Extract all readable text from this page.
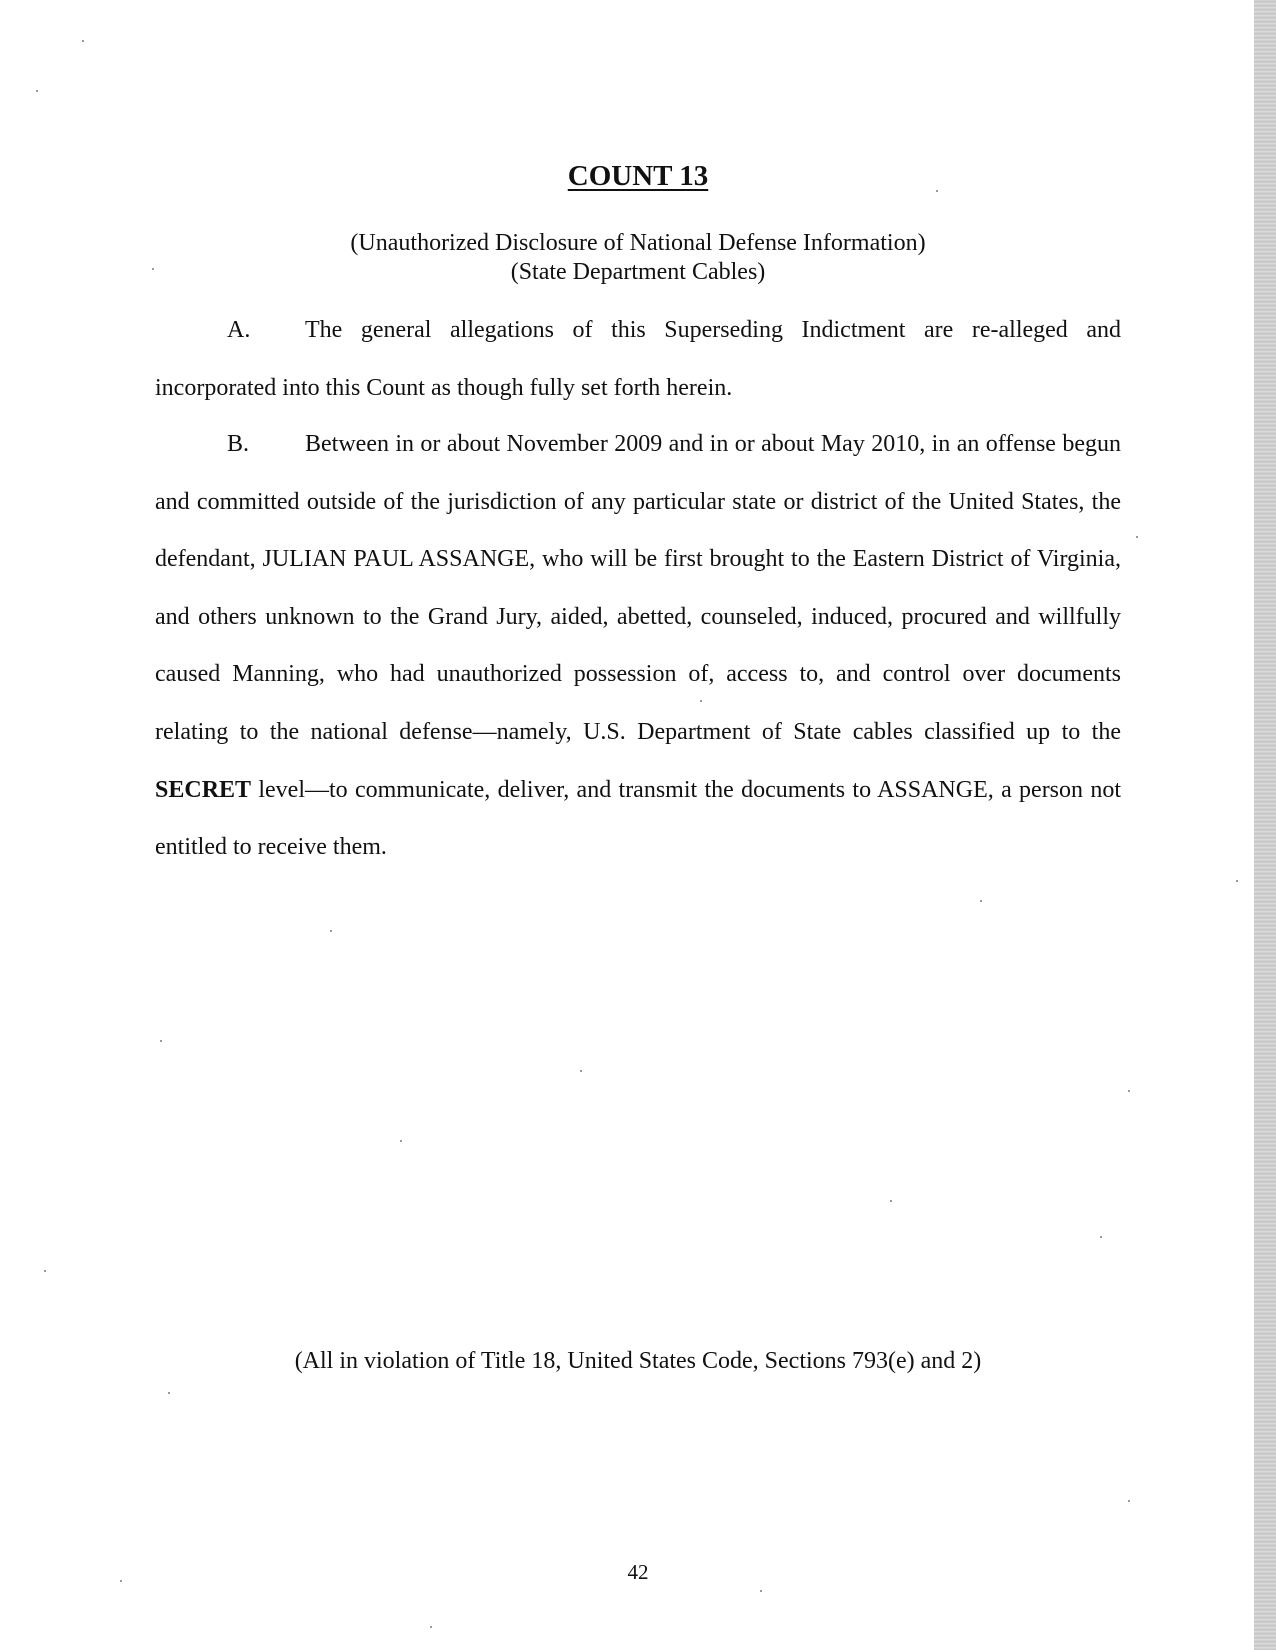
COUNT 13
(Unauthorized Disclosure of National Defense Information)
(State Department Cables)
A. The general allegations of this Superseding Indictment are re-alleged and incorporated into this Count as though fully set forth herein.
B. Between in or about November 2009 and in or about May 2010, in an offense begun and committed outside of the jurisdiction of any particular state or district of the United States, the defendant, JULIAN PAUL ASSANGE, who will be first brought to the Eastern District of Virginia, and others unknown to the Grand Jury, aided, abetted, counseled, induced, procured and willfully caused Manning, who had unauthorized possession of, access to, and control over documents relating to the national defense—namely, U.S. Department of State cables classified up to the SECRET level—to communicate, deliver, and transmit the documents to ASSANGE, a person not entitled to receive them.
(All in violation of Title 18, United States Code, Sections 793(e) and 2)
42
